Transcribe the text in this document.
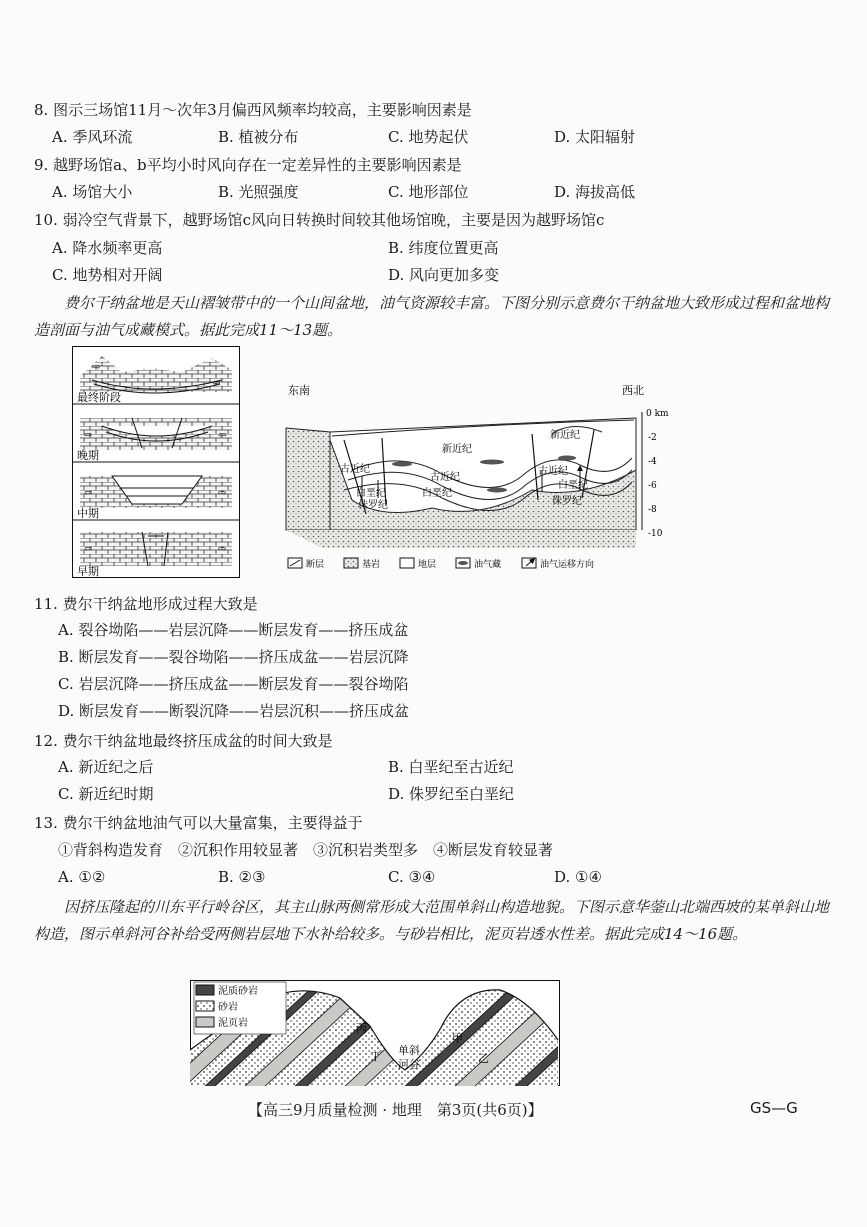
8. 图示三场馆11月～次年3月偏西风频率均较高，主要影响因素是
A. 季风环流	B. 植被分布	C. 地势起伏	D. 太阳辐射
9. 越野场馆a、b平均小时风向存在一定差异性的主要影响因素是
A. 场馆大小	B. 光照强度	C. 地形部位	D. 海拔高低
10. 弱冷空气背景下，越野场馆c风向日转换时间较其他场馆晚，主要是因为越野场馆c
A. 降水频率更高	B. 纬度位置更高
C. 地势相对开阔	D. 风向更加多变
费尔干纳盆地是天山褶皱带中的一个山间盆地，油气资源较丰富。下图分别示意费尔干纳盆地大致形成过程和盆地构造剖面与油气成藏模式。据此完成11～13题。
⇨
⇦
最终阶段
⇨	⇦
晚期
⇦	⇨
中期
⇦	⇨
早期
东南	西北
新近纪
新近纪
古近纪
古近纪
古近纪
白垩纪	白垩纪
白垩纪
侏罗纪	侏罗纪
0 km
-2
-4
-6
-8
-10
断层	基岩	地层	油气藏	油气运移方向
11. 费尔干纳盆地形成过程大致是
A. 裂谷坳陷——岩层沉降——断层发育——挤压成盆
B. 断层发育——裂谷坳陷——挤压成盆——岩层沉降
C. 岩层沉降——挤压成盆——断层发育——裂谷坳陷
D. 断层发育——断裂沉降——岩层沉积——挤压成盆
12. 费尔干纳盆地最终挤压成盆的时间大致是
A. 新近纪之后	B. 白垩纪至古近纪
C. 新近纪时期	D. 侏罗纪至白垩纪
13. 费尔干纳盆地油气可以大量富集，主要得益于
①背斜构造发育　②沉积作用较显著　③沉积岩类型多　④断层发育较显著
A. ①②	B. ②③	C. ③④	D. ①④
因挤压隆起的川东平行岭谷区，其主山脉两侧常形成大范围单斜山构造地貌。下图示意华蓥山北端西坡的某单斜山地构造，图示单斜河谷补给受两侧岩层地下水补给较多。与砂岩相比，泥页岩透水性差。据此完成14～16题。
泥质砂岩
砂岩
泥页岩	丙
丁
甲
乙
单斜
河谷
【高三9月质量检测 · 地理　第3页(共6页)】	GS—G
